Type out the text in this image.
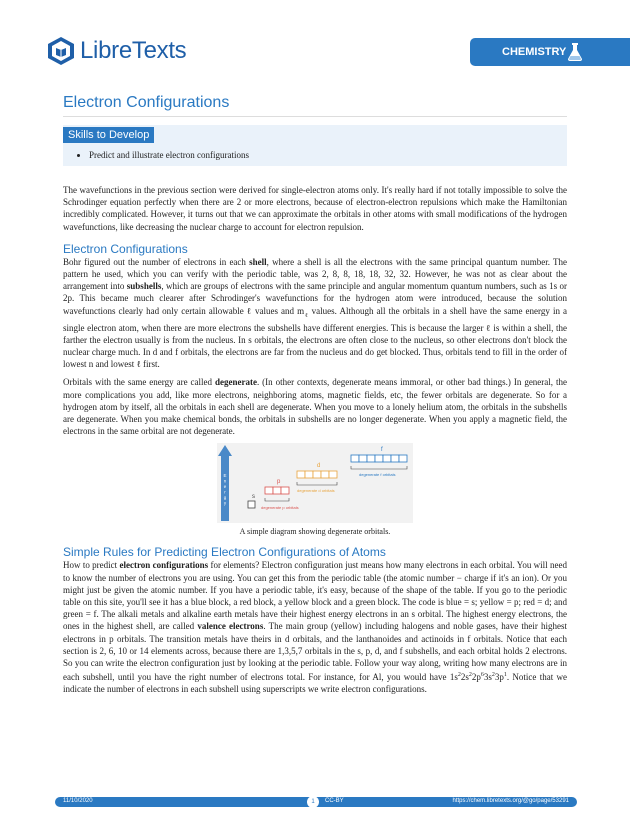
LibreTexts	CHEMISTRY
Electron Configurations
Skills to Develop
• Predict and illustrate electron configurations

The wavefunctions in the previous section were derived for single-electron atoms only. It's really hard if not totally impossible to solve the Schrodinger equation perfectly when there are 2 or more electrons, because of electron-electron repulsions which make the Hamiltonian incredibly complicated. However, it turns out that we can approximate the orbitals in other atoms with small modifications of the hydrogen wavefunctions, like decreasing the nuclear charge to account for electron repulsion.

Electron Configurations

Bohr figured out the number of electrons in each shell, where a shell is all the electrons with the same principal quantum number. The pattern he used, which you can verify with the periodic table, was 2, 8, 8, 18, 18, 32, 32. However, he was not as clear about the arrangement into subshells, which are groups of electrons with the same principle and angular momentum quantum numbers, such as 1s or 2p. This became much clearer after Schrodinger's wavefunctions for the hydrogen atom were introduced, because the solution wavefunctions clearly had only certain allowable ℓ values and $m_\ell$ values. Although all the orbitals in a shell have the same energy in a single electron atom, when there are more electrons the subshells have different energies. This is because the larger ℓ is within a shell, the farther the electron usually is from the nucleus. In s orbitals, the electrons are often close to the nucleus, so other electrons don't block the nuclear charge much. In d and f orbitals, the electrons are far from the nucleus and do get blocked. Thus, orbitals tend to fill in the order of lowest n and lowest ℓ first.

Orbitals with the same energy are called degenerate. (In other contexts, degenerate means immoral, or other bad things.) In general, the more complications you add, like more electrons, neighboring atoms, magnetic fields, etc, the fewer orbitals are degenerate. So for a hydrogen atom by itself, all the orbitals in each shell are degenerate. When you move to a lonely helium atom, the orbitals in the subshells are degenerate. When you make chemical bonds, the orbitals in subshells are no longer degenerate. When you apply a magnetic field, the electrons in the same orbital are not degenerate.

E n e r g y
s
p
degenerate p orbitals
d
degenerate d orbitals
f
degenerate f orbitals
A simple diagram showing degenerate orbitals.
Simple Rules for Predicting Electron Configurations of Atoms

How to predict electron configurations for elements? Electron configuration just means how many electrons in each orbital. You will need to know the number of electrons you are using. You can get this from the periodic table (the atomic number − charge if it's an ion). Or you might just be given the atomic number. If you have a periodic table, it's easy, because of the shape of the table. If you go to the periodic table on this site, you'll see it has a blue block, a red block, a yellow block and a green block. The code is blue = s; yellow = p; red = d; and green = f. The alkali metals and alkaline earth metals have their highest energy electrons in an s orbital. The highest energy electrons, the ones in the highest shell, are called valence electrons. The main group (yellow) including halogens and noble gases, have their highest electrons in p orbitals. The transition metals have theirs in d orbitals, and the lanthanoides and actinoids in f orbitals. Notice that each section is 2, 6, 10 or 14 elements across, because there are 1,3,5,7 orbitals in the s, p, d, and f subshells, and each orbital holds 2 electrons. So you can write the electron configuration just by looking at the periodic table. Follow your way along, writing how many electrons are in each subshell, until you have the right number of electrons total. For instance, for Al, you would have $1s^22s^22p^63s^23p^1$. Notice that we indicate the number of electrons in each subshell using superscripts we write electron configurations.

11/10/2020	1	CC-BY	https://chem.libretexts.org/@go/page/53291
